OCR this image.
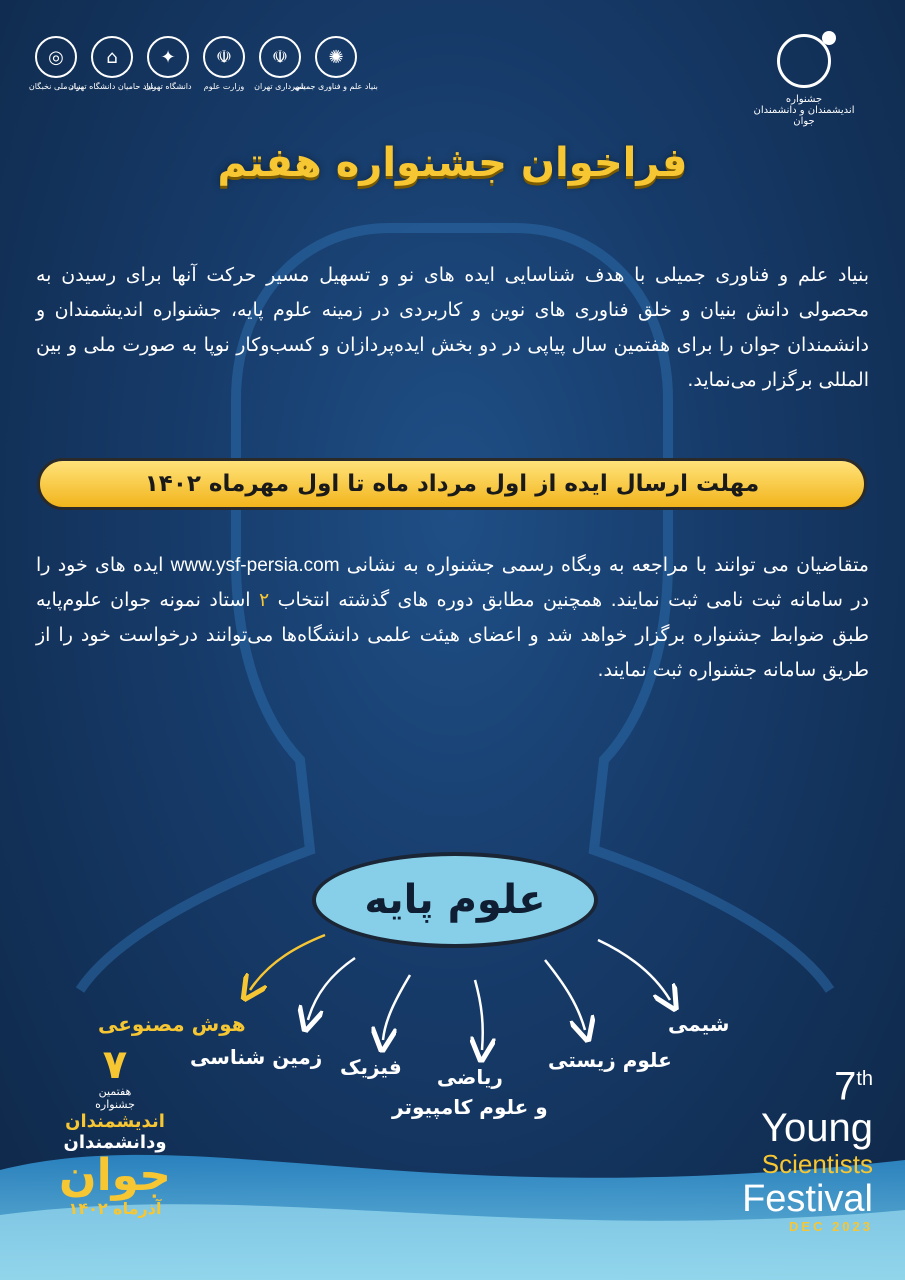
◎
بنیاد ملی نخبگان
⌂
بنیاد حامیان دانشگاه تهران
✦
دانشگاه تهران
☫
وزارت علوم
☫
شهرداری تهران
✺
بنیاد علم و فناوری جمیلی
جشنواره
اندیشمندان و دانشمندان جوان
فراخوان جشنواره هفتم
بنیاد علم و فناوری جمیلی با هدف شناسایی ایده های نو و تسهیل مسیر حرکت آنها برای رسیدن به محصولی دانش بنیان و خلق فناوری های نوین و کاربردی در زمینه علوم پایه، جشنواره اندیشمندان و دانشمندان جوان را برای هفتمین سال پیاپی در دو بخش ایده‌پردازان و کسب‌وکار نوپا به صورت ملی و بین المللی برگزار می‌نماید.
مهلت ارسال ایده از اول مرداد ماه تا اول مهرماه ۱۴۰۲
متقاضیان می توانند با مراجعه به وبگاه رسمی جشنواره به نشانی www.ysf-persia.com ایده های خود را در سامانه ثبت نامی ثبت نمایند. همچنین مطابق دوره های گذشته انتخاب ۲ استاد نمونه جوان علوم‌پایه طبق ضوابط جشنواره برگزار خواهد شد و اعضای هیئت علمی دانشگاه‌ها می‌توانند درخواست خود را از طریق سامانه جشنواره ثبت نمایند.
علوم پایه
هوش مصنوعی
زمین شناسی فیزیک	ریاضی
و علوم کامپیوتر
علوم زیستی
شیمی
۷
هفتمین
جشنواره
اندیشمندان
ودانشمندان
جوان
آذرماه ۱۴۰۲
7th
Young
Scientists
Festival
DEC 2023
